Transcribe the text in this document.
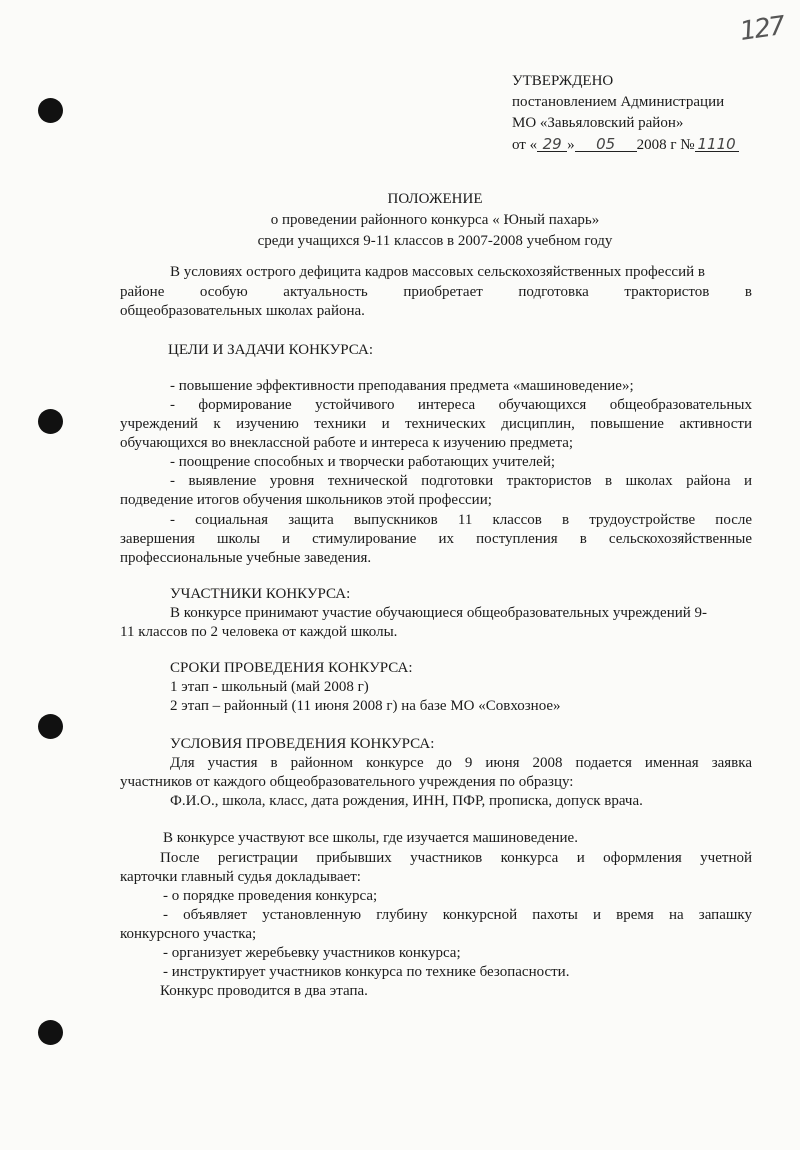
127
УТВЕРЖДЕНО
постановлением Администрации
МО «Завьяловский район»
от « 29 » 05 2008 г № 1110
ПОЛОЖЕНИЕ
о проведении районного конкурса « Юный пахарь»
среди учащихся 9-11 классов в 2007-2008 учебном году
В условиях острого дефицита кадров массовых сельскохозяйственных профессий в
районе особую актуальность приобретает подготовка трактористов в
общеобразовательных школах района.
ЦЕЛИ И ЗАДАЧИ КОНКУРСА:
- повышение эффективности преподавания предмета «машиноведение»;
- формирование устойчивого интереса обучающихся общеобразовательных
учреждений к изучению техники и технических дисциплин, повышение активности
обучающихся во внеклассной работе и интереса к изучению предмета;
- поощрение способных и творчески работающих учителей;
- выявление уровня технической подготовки трактористов в школах района и
подведение итогов обучения школьников этой профессии;
- социальная защита выпускников 11 классов в трудоустройстве после
завершения школы и стимулирование их поступления в сельскохозяйственные
профессиональные учебные заведения.
УЧАСТНИКИ КОНКУРСА:
В конкурсе принимают участие обучающиеся общеобразовательных учреждений 9-
11 классов по 2 человека от каждой школы.
СРОКИ ПРОВЕДЕНИЯ КОНКУРСА:
1 этап - школьный (май 2008 г)
2 этап – районный (11 июня 2008 г) на базе МО «Совхозное»
УСЛОВИЯ ПРОВЕДЕНИЯ КОНКУРСА:
Для участия в районном конкурсе до 9 июня 2008 подается именная заявка
участников от каждого общеобразовательного учреждения по образцу:
Ф.И.О., школа, класс, дата рождения, ИНН, ПФР, прописка, допуск врача.
В конкурсе участвуют все школы, где изучается машиноведение.
После регистрации прибывших участников конкурса и оформления учетной
карточки главный судья докладывает:
- о порядке проведения конкурса;
- объявляет установленную глубину конкурсной пахоты и время на запашку
конкурсного участка;
- организует жеребьевку участников конкурса;
- инструктирует участников конкурса по технике безопасности.
Конкурс проводится в два этапа.
